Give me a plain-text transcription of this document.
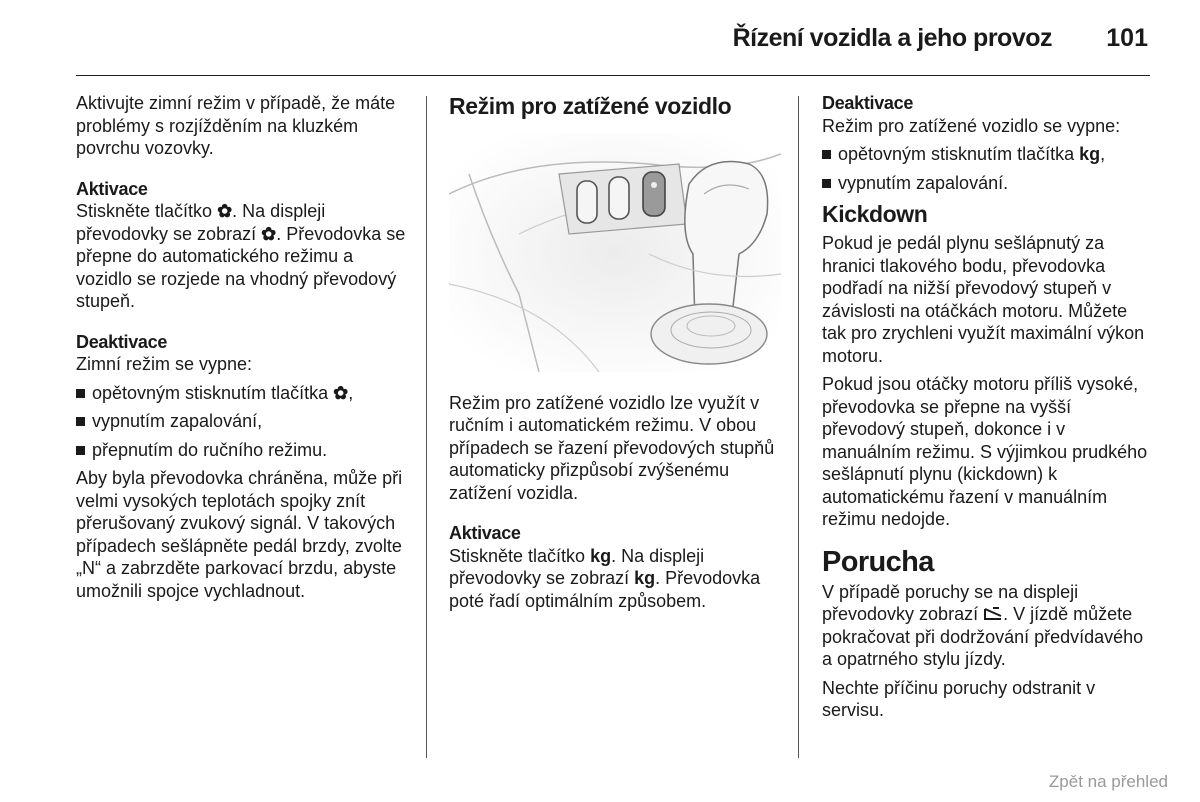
Řízení vozidla a jeho provoz 101

Aktivujte zimní režim v případě, že máte problémy s rozjížděním na kluzkém povrchu vozovky.

Aktivace

Stiskněte tlačítko ✿. Na displeji převodovky se zobrazí ✿. Převodovka se přepne do automatického režimu a vozidlo se rozjede na vhodný převodový stupeň.

Deaktivace

Zimní režim se vypne:

opětovným stisknutím tlačítka ✿,
vypnutím zapalování,
přepnutím do ručního režimu.

Aby byla převodovka chráněna, může při velmi vysokých teplotách spojky znít přerušovaný zvukový signál. V takových případech sešlápněte pedál brzdy, zvolte „N“ a zabrzděte parkovací brzdu, abyste umožnili spojce vychladnout.

Režim pro zatížené vozidlo

Režim pro zatížené vozidlo lze využít v ručním i automatickém režimu. V obou případech se řazení převodových stupňů automaticky přizpůsobí zvýšenému zatížení vozidla.

Aktivace

Stiskněte tlačítko kg. Na displeji převodovky se zobrazí kg. Převodovka poté řadí optimálním způsobem.

Deaktivace

Režim pro zatížené vozidlo se vypne:

opětovným stisknutím tlačítka kg,
vypnutím zapalování.
Kickdown

Pokud je pedál plynu sešlápnutý za hranici tlakového bodu, převodovka podřadí na nižší převodový stupeň v závislosti na otáčkách motoru. Můžete tak pro zrychleni využít maximální výkon motoru.

Pokud jsou otáčky motoru příliš vysoké, převodovka se přepne na vyšší převodový stupeň, dokonce i v manuálním režimu. S výjimkou prudkého sešlápnutí plynu (kickdown) k automatickému řazení v manuálním režimu nedojde.

Porucha

V případě poruchy se na displeji převodovky zobrazí . V jízdě můžete pokračovat při dodržování předvídavého a opatrného stylu jízdy.

Nechte příčinu poruchy odstranit v servisu.

Zpět na přehled
